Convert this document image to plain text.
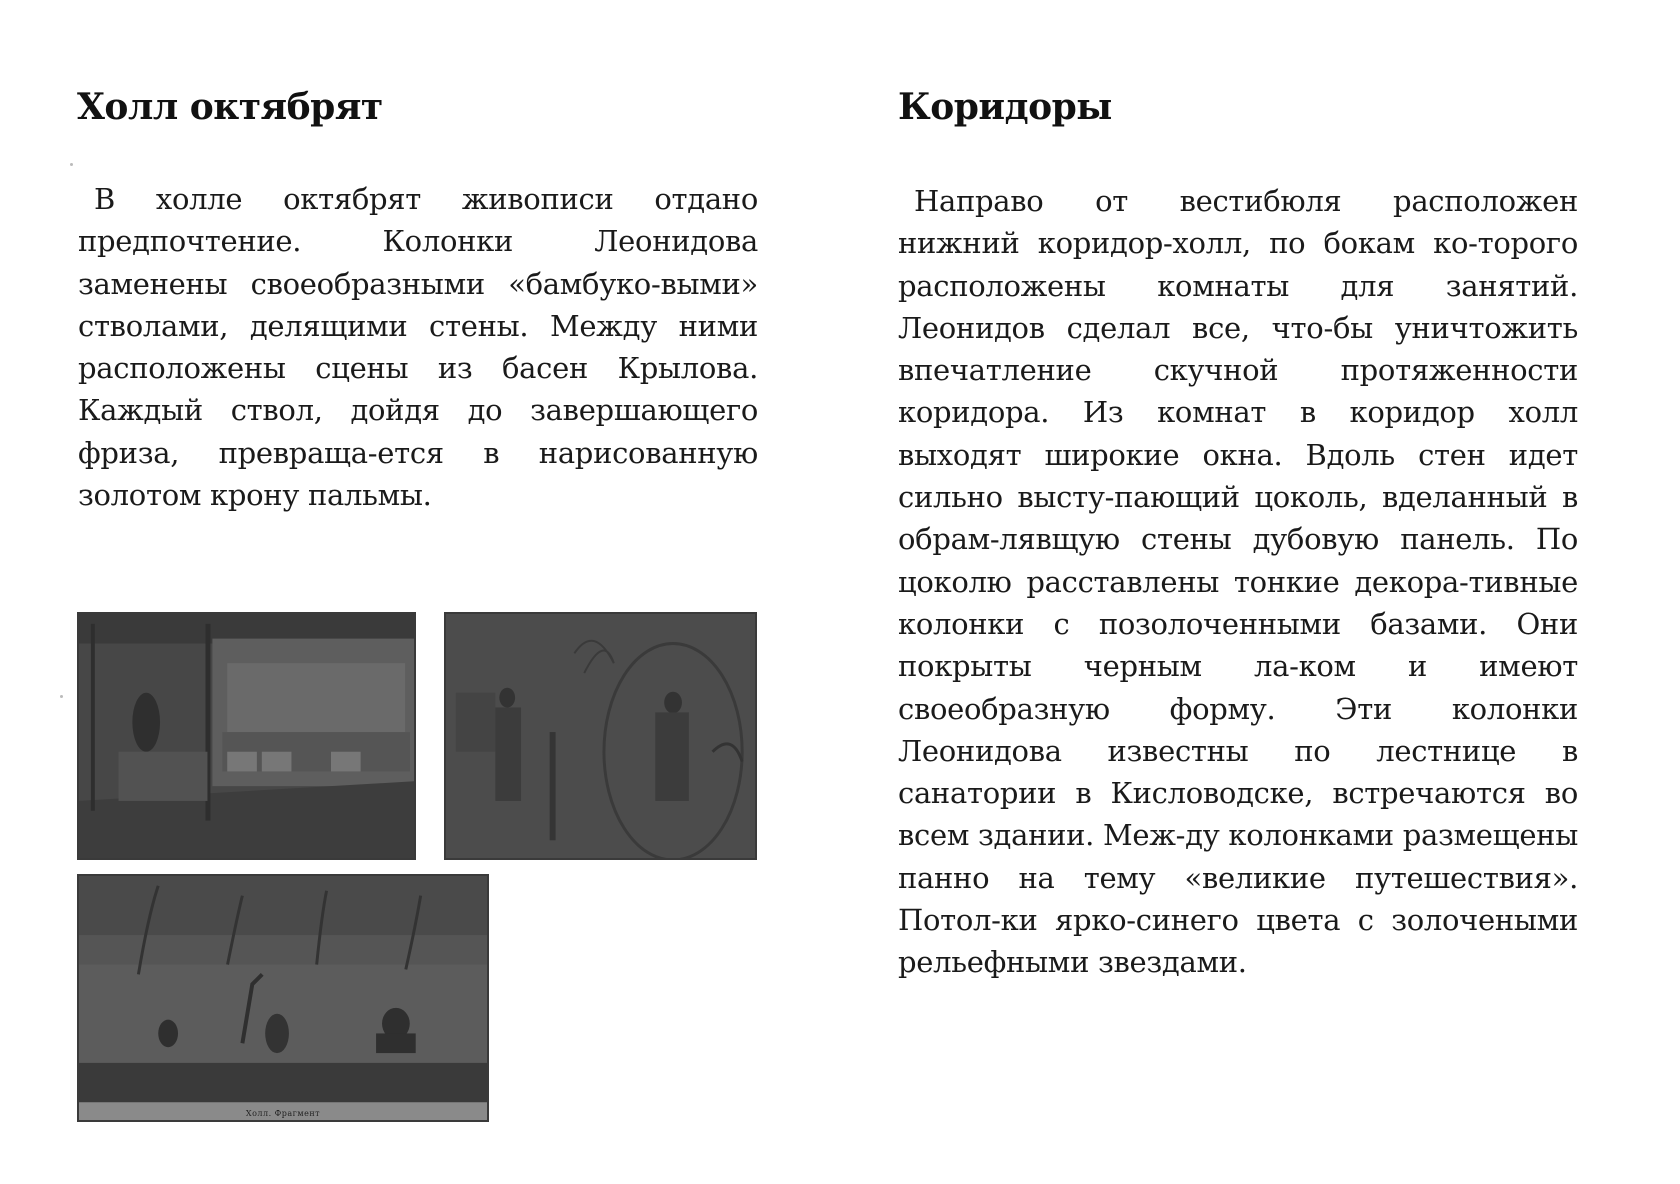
Холл октябрят

В холле октябрят живописи отдано предпочтение. Колонки Леонидова заменены своеобразными «бамбуко-выми» стволами, делящими стены. Между ними расположены сцены из басен Крылова. Каждый ствол, дойдя до завершающего фриза, превраща-ется в нарисованную золотом крону пальмы.

Холл. Фрагмент
Коридоры

Направо от вестибюля расположен нижний коридор-холл, по бокам ко-торого расположены комнаты для занятий. Леонидов сделал все, что-бы уничтожить впечатление скучной протяженности коридора. Из комнат в коридор холл выходят широкие окна. Вдоль стен идет сильно высту-пающий цоколь, вделанный в обрам-лявщую стены дубовую панель. По цоколю расставлены тонкие декора-тивные колонки с позолоченными базами. Они покрыты черным ла-ком и имеют своеобразную форму. Эти колонки Леонидова известны по лестнице в санатории в Кисловодске, встречаются во всем здании. Меж-ду колонками размещены панно на тему «великие путешествия». Потол-ки ярко-синего цвета с золочеными рельефными звездами.
